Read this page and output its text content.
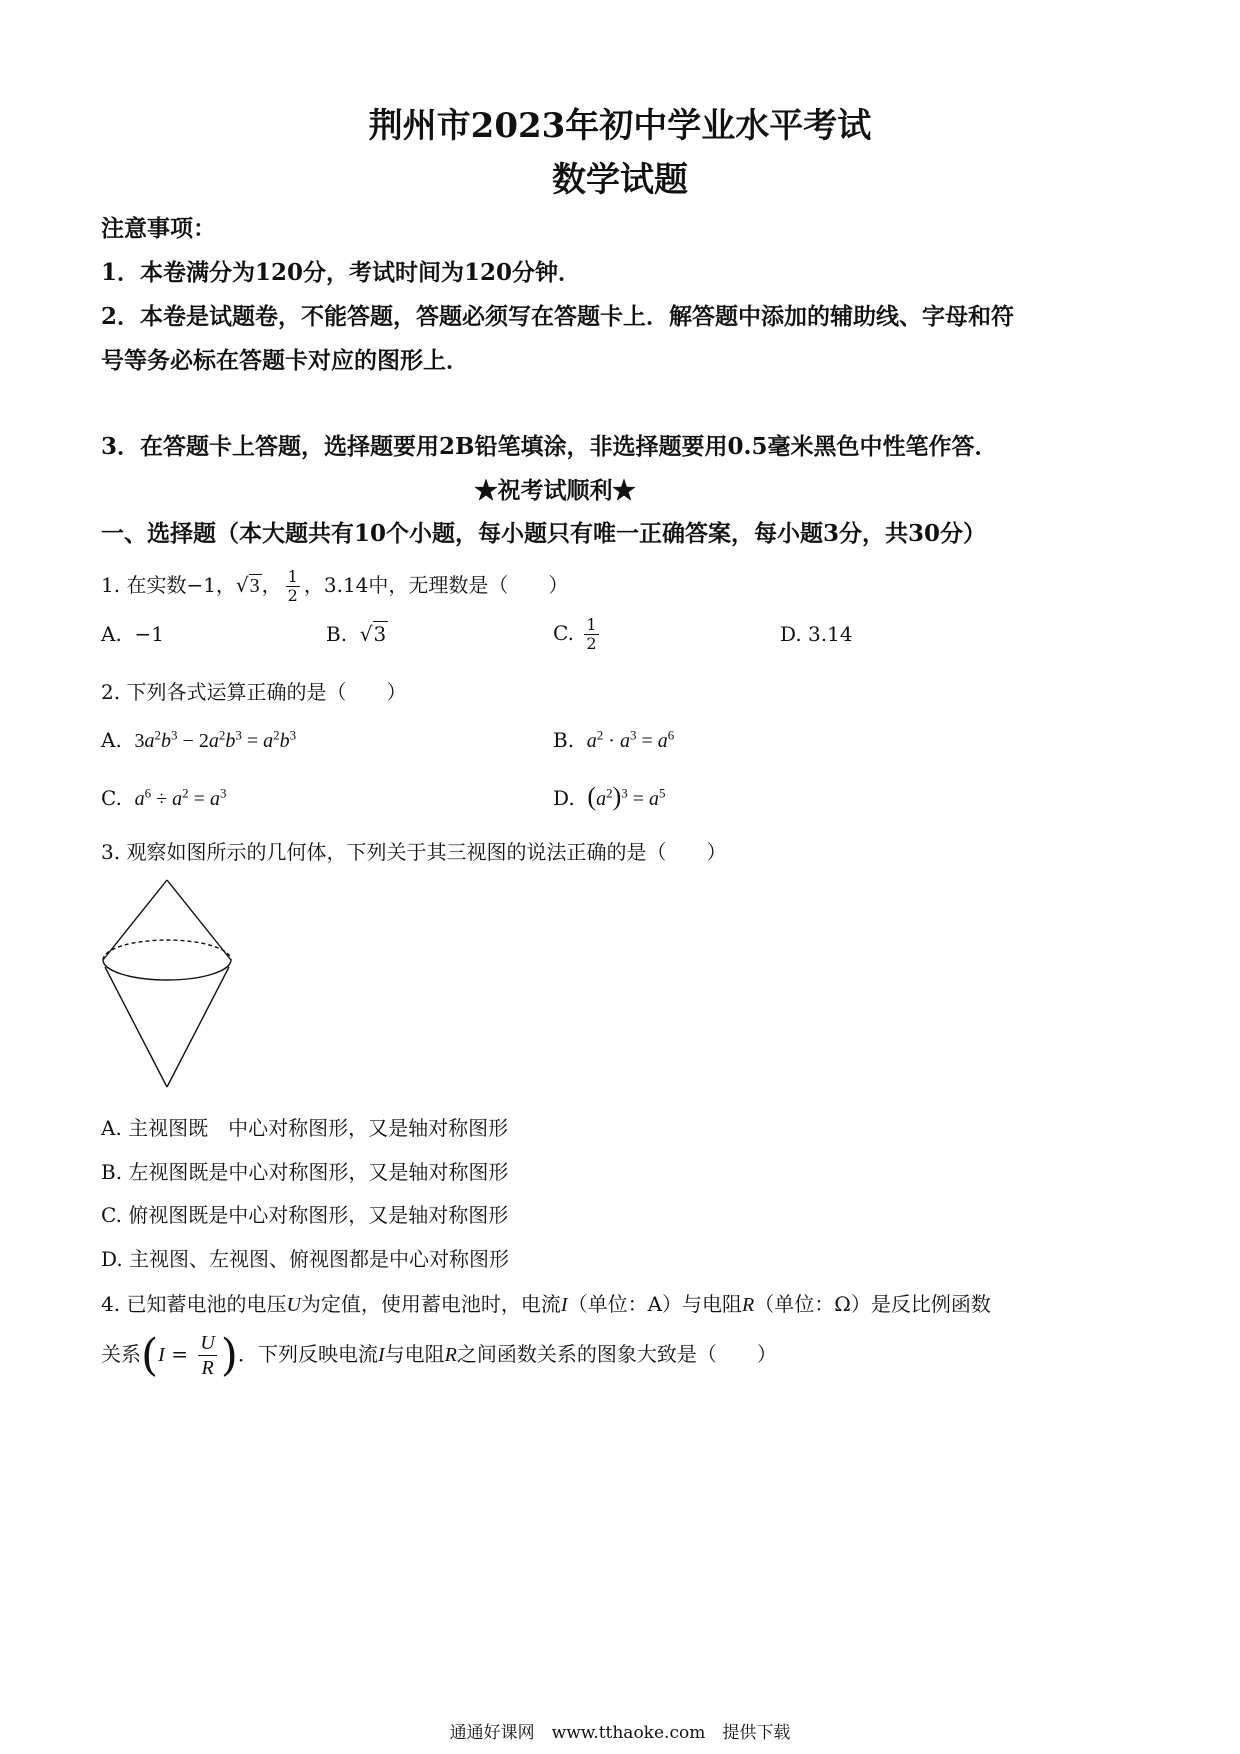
荆州市2023年初中学业水平考试
数学试题
注意事项：
1．本卷满分为120分，考试时间为120分钟．
2．本卷是试题卷，不能答题，答题必须写在答题卡上．解答题中添加的辅助线、字母和符
号等务必标在答题卡对应的图形上．
3．在答题卡上答题，选择题要用2B铅笔填涂，非选择题要用0.5毫米黑色中性笔作答．
★祝考试顺利★
一、选择题（本大题共有10个小题，每小题只有唯一正确答案，每小题3分，共30分）
1. 在实数−1，√3 ， $\frac{1}{2}$ ，3.14中，无理数是（　　）
A. −1	B. √3	C. $\frac{1}{2}$	D. 3.14
2. 下列各式运算正确的是（　　）
A. $3a^2b^3 - 2a^2b^3 = a^2b^3$	B. $a^2 \cdot a^3 = a^6$
C. $a^6 \div a^2 = a^3$	D. $(a^2)^3 = a^5$
3. 观察如图所示的几何体，下列关于其三视图的说法正确的是（　　）
A. 主视图既　中心对称图形，又是轴对称图形
B. 左视图既是中心对称图形，又是轴对称图形
C. 俯视图既是中心对称图形，又是轴对称图形
D. 主视图、左视图、俯视图都是中心对称图形
4. 已知蓄电池的电压U为定值，使用蓄电池时，电流I（单位：A）与电阻R（单位：Ω）是反比例函数
关系($I = \frac{U}{R}$ )．下列反映电流I与电阻R之间函数关系的图象大致是（　　）
通通好课网　www.tthaoke.com　提供下载
